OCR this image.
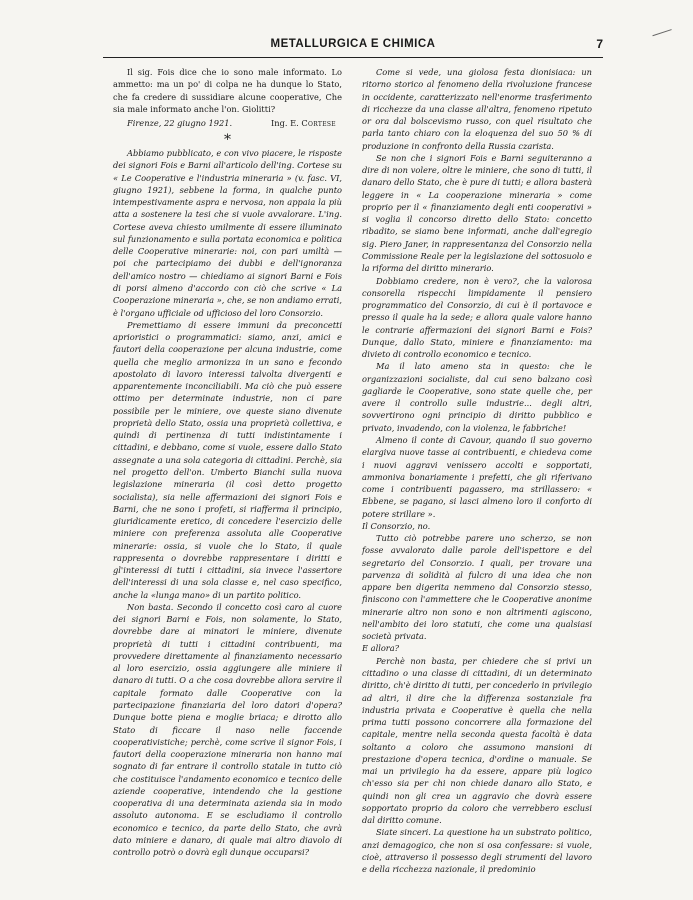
METALLURGICA E CHIMICA	7

Il sig. Fois dice che io sono male informato. Lo ammetto: ma un po' di colpa ne ha dunque lo Stato, che fa credere di sussidiare alcune cooperative, Che sia male informato anche l'on. Giolitti?

Firenze, 22 giugno 1921.	Ing. E. Cortese

*

Abbiamo pubblicato, e con vivo piacere, le risposte dei signori Fois e Barni all'articolo dell'ing. Cortese su « Le Cooperative e l'industria mineraria » (v. fasc. VI, giugno 1921), sebbene la forma, in qualche punto intempestivamente aspra e nervosa, non appaia la più atta a sostenere la tesi che si vuole avvalorare. L'ing. Cortese aveva chiesto umilmente di essere illuminato sul funzionamento e sulla portata economica e politica delle Cooperative minerarie: noi, con pari umiltà — poi che partecipiamo dei dubbi e dell'ignoranza dell'amico nostro — chiediamo ai signori Barni e Fois di porsi almeno d'accordo con ciò che scrive « La Cooperazione mineraria », che, se non andiamo errati, è l'organo ufficiale od ufficioso del loro Consorzio.

Premettiamo di essere immuni da preconcetti aprioristici o programmatici: siamo, anzi, amici e fautori della cooperazione per alcuna industrie, come quella che meglio armonizza in un sano e fecondo apostolato di lavoro interessi talvolta divergenti e apparentemente inconciliabili. Ma ciò che può essere ottimo per determinate industrie, non ci pare possibile per le miniere, ove queste siano divenute proprietà dello Stato, ossia una proprietà collettiva, e quindi di pertinenza di tutti indistintamente i cittadini, e debbano, come si vuole, essere dallo Stato assegnate a una sola categoria di cittadini. Perchè, sia nel progetto dell'on. Umberto Bianchi sulla nuova legislazione mineraria (il così detto progetto socialista), sia nelle affermazioni dei signori Fois e Barni, che ne sono i profeti, si riafferma il principio, giuridicamente eretico, di concedere l'esercizio delle miniere con preferenza assoluta alle Cooperative minerarie: ossia, si vuole che lo Stato, il quale rappresenta o dovrebbe rappresentare i diritti e gl'interessi di tutti i cittadini, sia invece l'assertore dell'interessi di una sola classe e, nel caso specifico, anche la «lunga mano» di un partito politico.

Non basta. Secondo il concetto così caro al cuore dei signori Barni e Fois, non solamente, lo Stato, dovrebbe dare ai minatori le miniere, divenute proprietà di tutti i cittadini contribuenti, ma provvedere direttamente al finanziamento necessario al loro esercizio, ossia aggiungere alle miniere il danaro di tutti. O a che cosa dovrebbe allora servire il capitale formato dalle Cooperative con la partecipazione finanziaria del loro datori d'opera? Dunque botte piena e moglie briaca; e dirotto allo Stato di ficcare il naso nelle faccende cooperativistiche; perchè, come scrive il signor Fois, i fautori della cooperazione mineraria non hanno mai sognato di far entrare il controllo statale in tutto ciò che costituisce l'andamento economico e tecnico delle aziende cooperative, intendendo che la gestione cooperativa di una determinata azienda sia in modo assoluto autonoma. E se escludiamo il controllo economico e tecnico, da parte dello Stato, che avrà dato miniere e danaro, di quale mai altro diavolo di controllo potrò o dovrà egli dunque occuparsi?

Come si vede, una giolosa festa dionisiaca: un ritorno storico al fenomeno della rivoluzione francese in occidente, caratterizzato nell'enorme trasferimento di ricchezze da una classe all'altra, fenomeno ripetuto or ora dal bolscevismo russo, con quel risultato che parla tanto chiaro con la eloquenza del suo 50 % di produzione in confronto della Russia czarista.

Se non che i signori Fois e Barni seguiteranno a dire di non volere, oltre le miniere, che sono di tutti, il danaro dello Stato, che è pure di tutti; e allora basterà leggere in « La cooperazione mineraria » come proprio per il « finanziamento degli enti cooperativi » si voglia il concorso diretto dello Stato: concetto ribadito, se siamo bene informati, anche dall'egregio sig. Piero Janer, in rappresentanza del Consorzio nella Commissione Reale per la legislazione del sottosuolo e la riforma del diritto minerario.

Dobbiamo credere, non è vero?, che la valorosa consorella rispecchi limpidamente il pensiero programmatico del Consorzio, di cui è il portavoce e presso il quale ha la sede; e allora quale valore hanno le contrarie affermazioni dei signori Barni e Fois? Dunque, dallo Stato, miniere e finanziamento: ma divieto di controllo economico e tecnico.

Ma il lato ameno sta in questo: che le organizzazioni socialiste, dal cui seno balzano così gagliarde le Cooperative, sono state quelle che, per avere il controllo sulle industrie... degli altri, sovvertirono ogni principio di diritto pubblico e privato, invadendo, con la violenza, le fabbriche!

Almeno il conte di Cavour, quando il suo governo elargiva nuove tasse ai contribuenti, e chiedeva come i nuovi aggravi venissero accolti e sopportati, ammoniva bonariamente i prefetti, che gli riferivano come i contribuenti pagassero, ma strillassero: « Ebbene, se pagano, si lasci almeno loro il conforto di potere strillare ».

Il Consorzio, no.

Tutto ciò potrebbe parere uno scherzo, se non fosse avvalorato dalle parole dell'ispettore e del segretario del Consorzio. I quali, per trovare una parvenza di solidità al fulcro di una idea che non appare ben digerita nemmeno dal Consorzio stesso, finiscono con l'ammettere che le Cooperative anonime minerarie altro non sono e non altrimenti agiscono, nell'ambito dei loro statuti, che come una qualsiasi società privata.

E allora?

Perchè non basta, per chiedere che si privi un cittadino o una classe di cittadini, di un determinato diritto, ch'è diritto di tutti, per concederlo in privilegio ad altri, il dire che la differenza sostanziale fra industria privata e Cooperative è quella che nella prima tutti possono concorrere alla formazione del capitale, mentre nella seconda questa facoltà è data soltanto a coloro che assumono mansioni di prestazione d'opera tecnica, d'ordine o manuale. Se mai un privilegio ha da essere, appare più logico ch'esso sia per chi non chiede danaro allo Stato, e quindi non gli crea un aggravio che dovrà essere sopportato proprio da coloro che verrebbero esclusi dal diritto comune.

Siate sinceri. La questione ha un substrato politico, anzi demagogico, che non si osa confessare: si vuole, cioè, attraverso il possesso degli strumenti del lavoro e della ricchezza nazionale, il predominio
